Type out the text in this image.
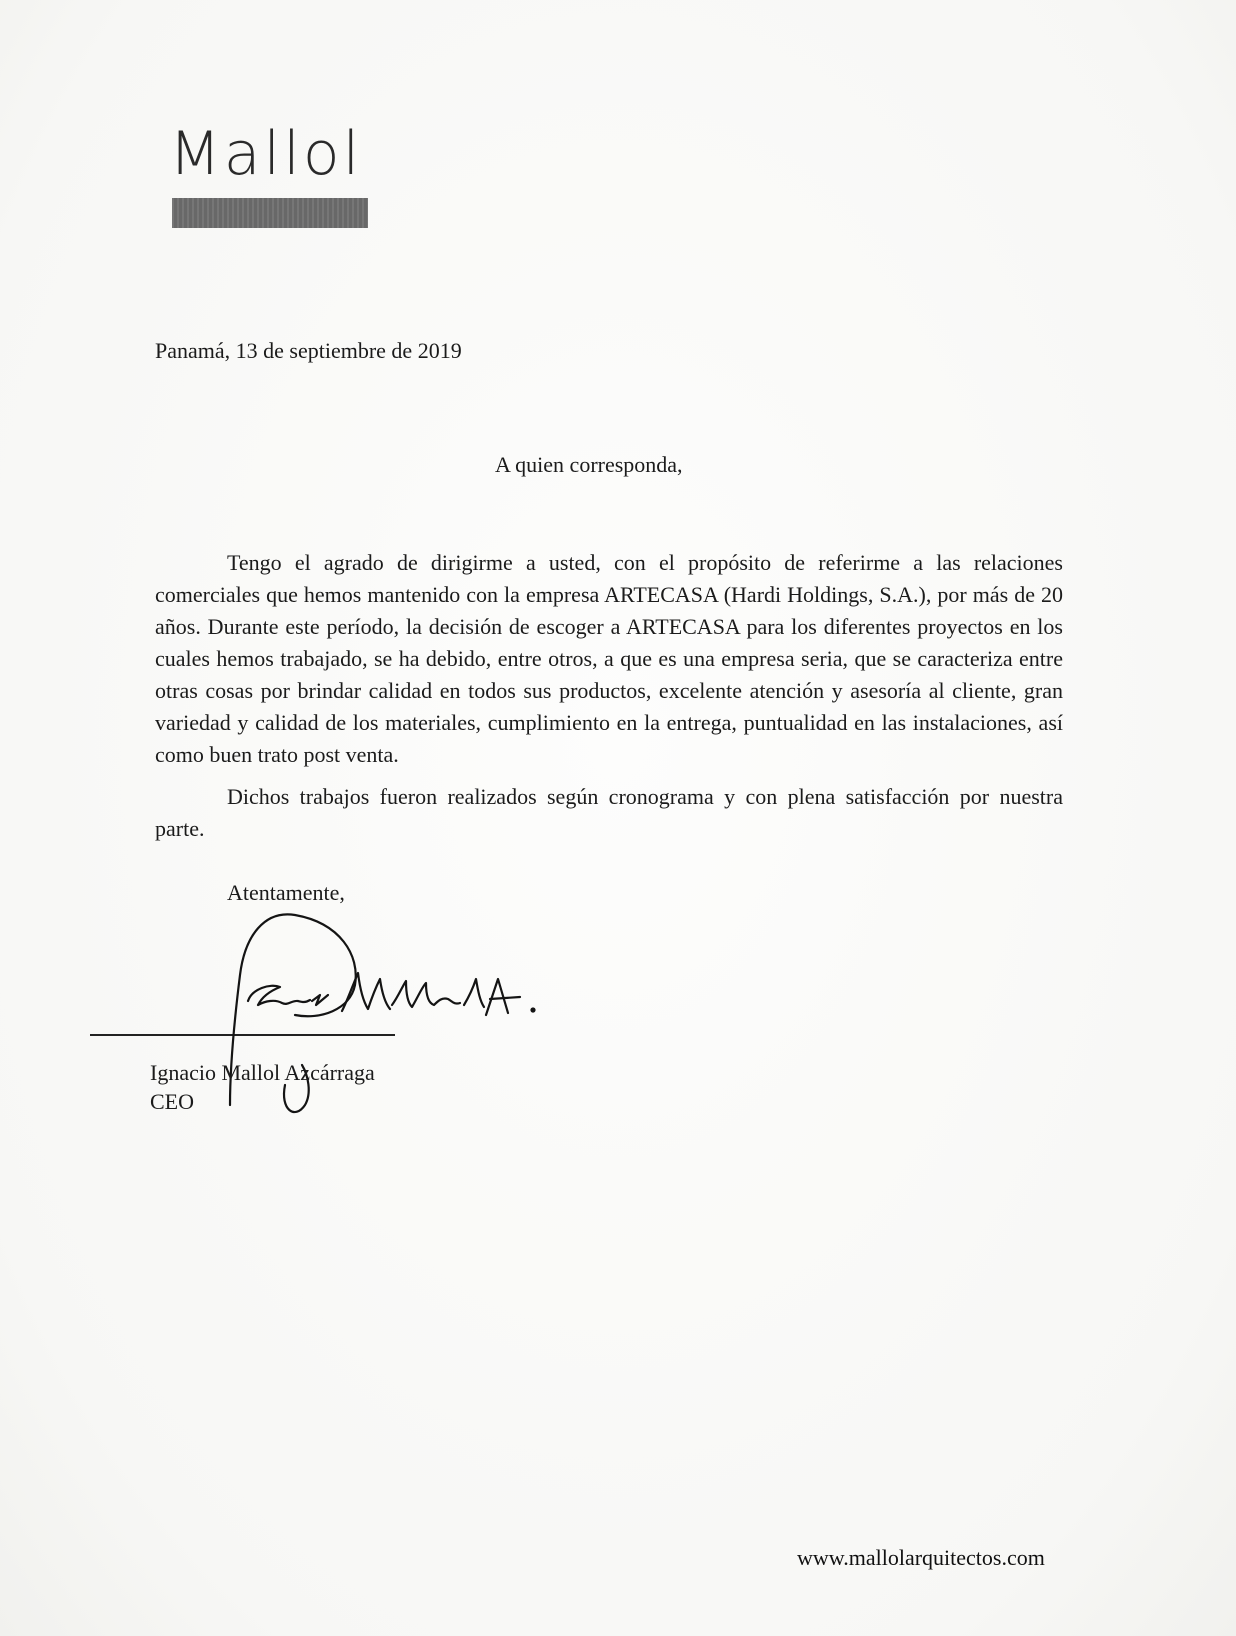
Mallol
Panamá, 13 de septiembre de 2019
A quien corresponda,

Tengo el agrado de dirigirme a usted, con el propósito de referirme a las relaciones comerciales que hemos mantenido con la empresa ARTECASA (Hardi Holdings, S.A.), por más de 20 años. Durante este período, la decisión de escoger a ARTECASA para los diferentes proyectos en los cuales hemos trabajado, se ha debido, entre otros, a que es una empresa seria, que se caracteriza entre otras cosas por brindar calidad en todos sus productos, excelente atención y asesoría al cliente, gran variedad y calidad de los materiales, cumplimiento en la entrega, puntualidad en las instalaciones, así como buen trato post venta.

Dichos trabajos fueron realizados según cronograma y con plena satisfacción por nuestra parte.

Atentamente,
Ignacio Mallol Azcárraga
CEO
www.mallolarquitectos.com
